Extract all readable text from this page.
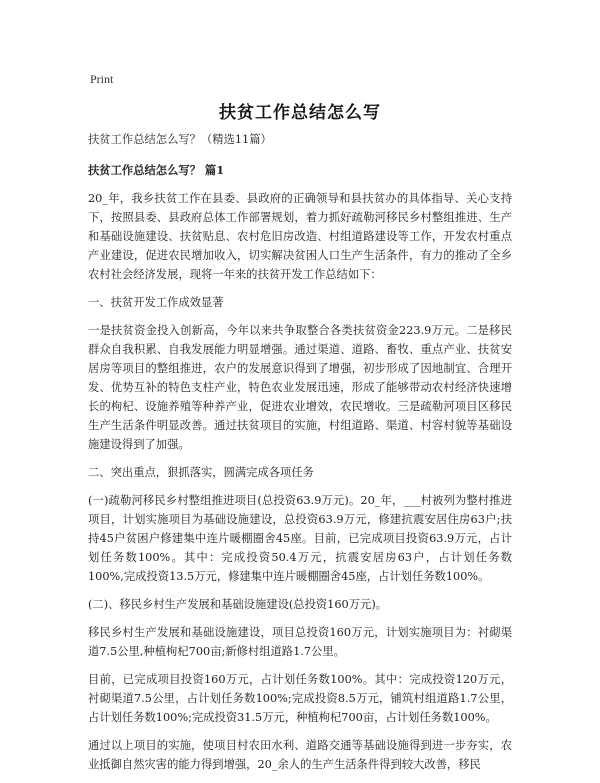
Print
扶贫工作总结怎么写

扶贫工作总结怎么写？（精选11篇）

扶贫工作总结怎么写？ 篇1

20_年，我乡扶贫工作在县委、县政府的正确领导和县扶贫办的具体指导、关心支持下，按照县委、县政府总体工作部署规划，着力抓好疏勒河移民乡村整组推进、生产和基础设施建设、扶贫贴息、农村危旧房改造、村组道路建设等工作，开发农村重点产业建设，促进农民增加收入，切实解决贫困人口生产生活条件，有力的推动了全乡农村社会经济发展，现将一年来的扶贫开发工作总结如下：

一、扶贫开发工作成效显著

一是扶贫资金投入创新高，今年以来共争取整合各类扶贫资金223.9万元。二是移民群众自我积累、自我发展能力明显增强。通过渠道、道路、畜牧、重点产业、扶贫安居房等项目的整组推进，农户的发展意识得到了增强，初步形成了因地制宜、合理开发、优势互补的特色支柱产业，特色农业发展迅速，形成了能够带动农村经济快速增长的枸杞、设施养殖等种养产业，促进农业增效，农民增收。三是疏勒河项目区移民生产生活条件明显改善。通过扶贫项目的实施，村组道路、渠道、村容村貌等基础设施建设得到了加强。

二、突出重点，狠抓落实，圆满完成各项任务

(一)疏勒河移民乡村整组推进项目(总投资63.9万元)。20_年，___村被列为整村推进项目，计划实施项目为基础设施建设，总投资63.9万元，修建抗震安居住房63户;扶持45户贫困户修建集中连片暖棚圈舍45座。目前，已完成项目投资63.9万元，占计划任务数100%。其中：完成投资50.4万元，抗震安居房63户，占计划任务数100%,完成投资13.5万元，修建集中连片暖棚圈舍45座，占计划任务数100%。

(二)、移民乡村生产发展和基础设施建设(总投资160万元)。

移民乡村生产发展和基础设施建设，项目总投资160万元，计划实施项目为：衬砌渠道7.5公里,种植枸杞700亩;新修村组道路1.7公里。

目前，已完成项目投资160万元，占计划任务数100%。其中：完成投资120万元，衬砌渠道7.5公里，占计划任务数100%;完成投资8.5万元，铺筑村组道路1.7公里，占计划任务数100%;完成投资31.5万元，种植枸杞700亩，占计划任务数100%。

通过以上项目的实施，使项目村农田水利、道路交通等基础设施得到进一步夯实，农业抵御自然灾害的能力得到增强，20_余人的生产生活条件得到较大改善，移民
